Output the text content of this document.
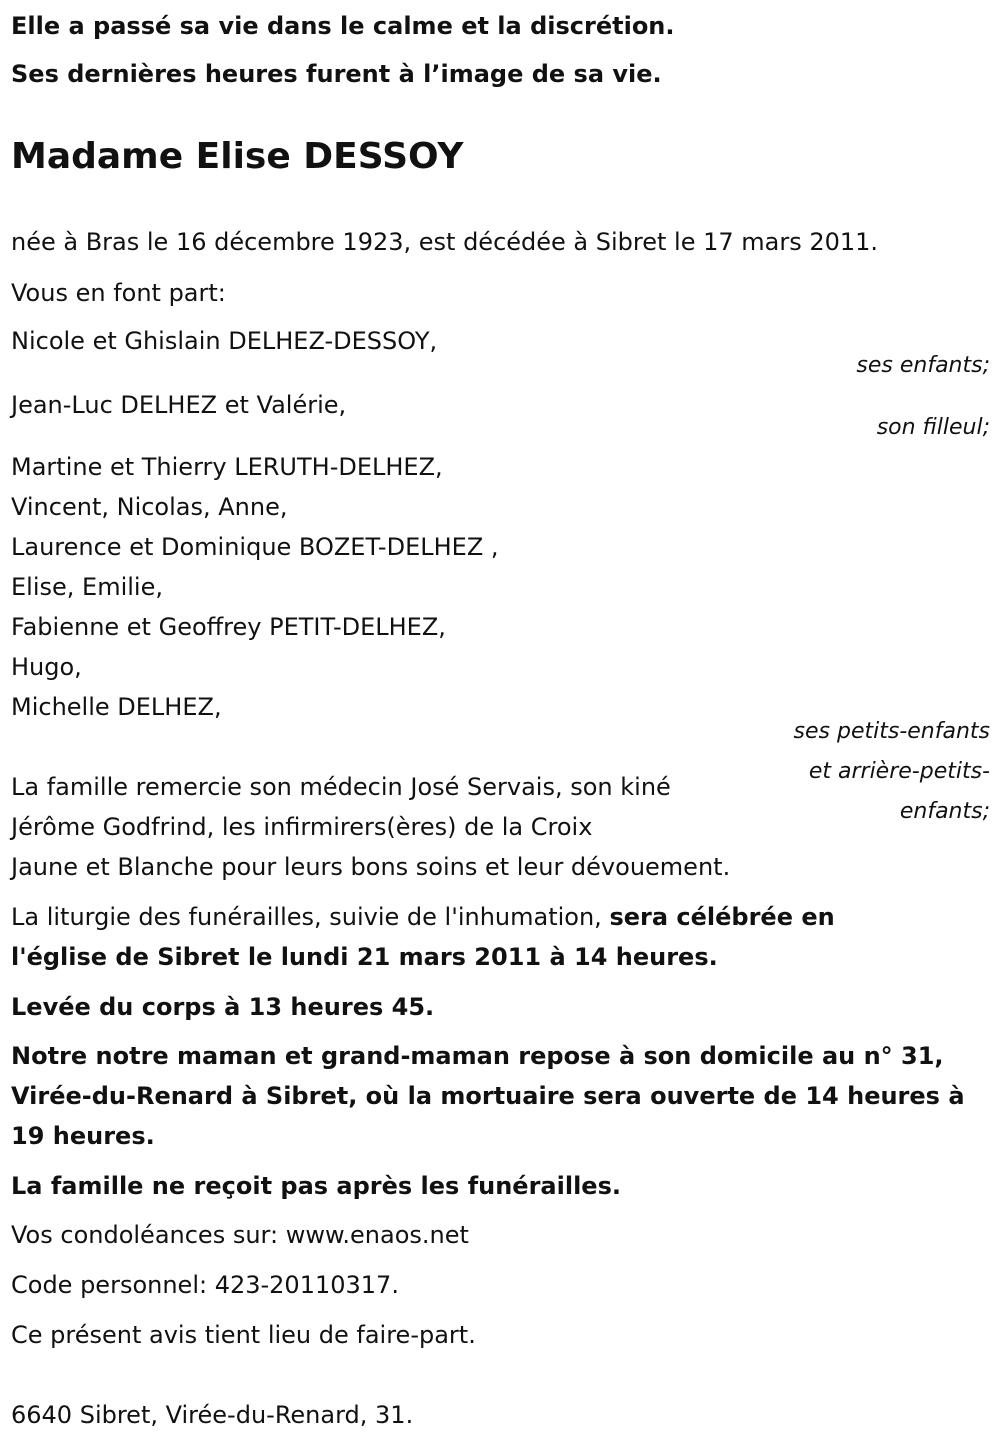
Elle a passé sa vie dans le calme et la discrétion.
Ses dernières heures furent à l’image de sa vie.
Madame Elise DESSOY
née à Bras le 16 décembre 1923, est décédée à Sibret le 17 mars 2011.
Vous en font part:
Nicole et Ghislain DELHEZ-DESSOY,
ses enfants;
Jean-Luc DELHEZ et Valérie,
son filleul;
Martine et Thierry LERUTH-DELHEZ,
Vincent, Nicolas, Anne,
Laurence et Dominique BOZET-DELHEZ ,
Elise, Emilie,
Fabienne et Geoffrey PETIT-DELHEZ,
Hugo,
Michelle DELHEZ,
ses petits-enfants
et arrière-petits-
enfants;
La famille remercie son médecin José Servais, son kiné
Jérôme Godfrind, les infirmirers(ères) de la Croix
Jaune et Blanche pour leurs bons soins et leur dévouement.
La liturgie des funérailles, suivie de l'inhumation, sera célébrée en
l'église de Sibret le lundi 21 mars 2011 à 14 heures.
Levée du corps à 13 heures 45.
Notre notre maman et grand-maman repose à son domicile au n° 31,
Virée-du-Renard à Sibret, où la mortuaire sera ouverte de 14 heures à
19 heures.
La famille ne reçoit pas après les funérailles.
Vos condoléances sur: www.enaos.net
Code personnel: 423-20110317.
Ce présent avis tient lieu de faire-part.
6640 Sibret, Virée-du-Renard, 31.
